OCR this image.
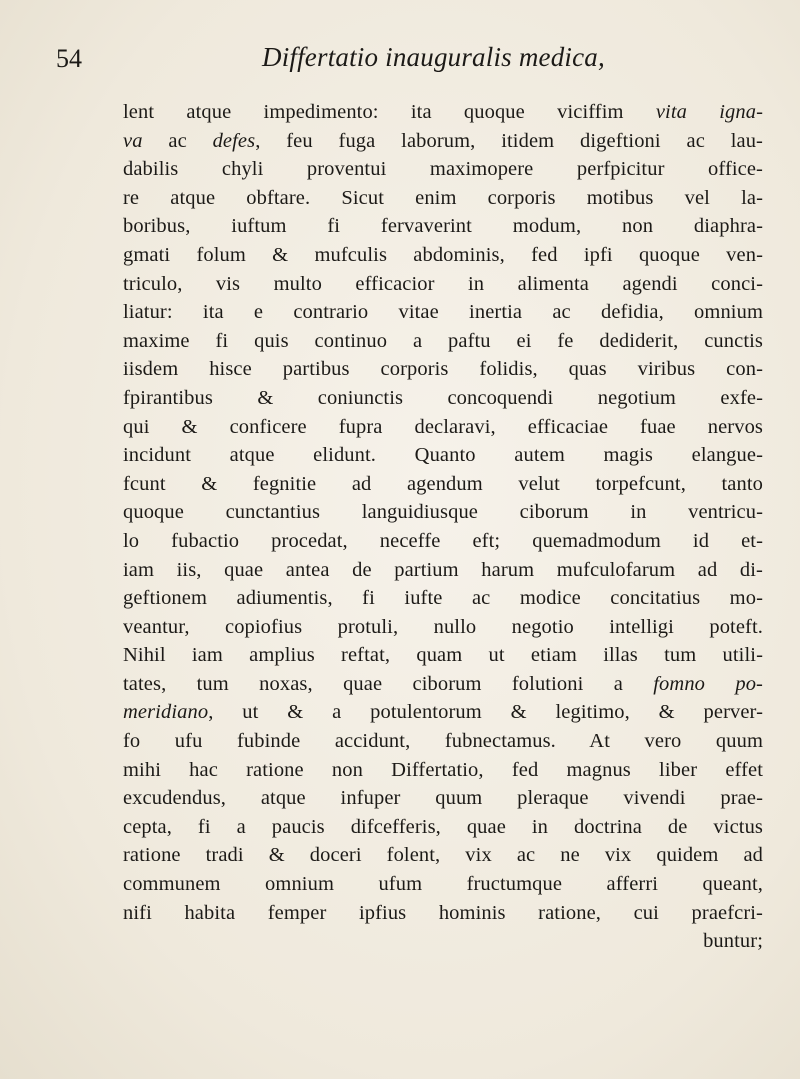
54	Differtatio inauguralis medica,
lent atque impedimento: ita quoque viciffim vita igna-
va ac defes, feu fuga laborum, itidem digeftioni ac lau-
dabilis chyli proventui maximopere perfpicitur office-
re atque obftare. Sicut enim corporis motibus vel la-
boribus, iuftum fi fervaverint modum, non diaphra-
gmati folum & mufculis abdominis, fed ipfi quoque ven-
triculo, vis multo efficacior in alimenta agendi conci-
liatur: ita e contrario vitae inertia ac defidia, omnium
maxime fi quis continuo a paftu ei fe dediderit, cunctis
iisdem hisce partibus corporis folidis, quas viribus con-
fpirantibus & coniunctis concoquendi negotium exfe-
qui & conficere fupra declaravi, efficaciae fuae nervos
incidunt atque elidunt. Quanto autem magis elangue-
fcunt & fegnitie ad agendum velut torpefcunt, tanto
quoque cunctantius languidiusque ciborum in ventricu-
lo fubactio procedat, neceffe eft; quemadmodum id et-
iam iis, quae antea de partium harum mufculofarum ad di-
geftionem adiumentis, fi iufte ac modice concitatius mo-
veantur, copiofius protuli, nullo negotio intelligi poteft.
Nihil iam amplius reftat, quam ut etiam illas tum utili-
tates, tum noxas, quae ciborum folutioni a fomno po-
meridiano, ut & a potulentorum & legitimo, & perver-
fo ufu fubinde accidunt, fubnectamus. At vero quum
mihi hac ratione non Differtatio, fed magnus liber effet
excudendus, atque infuper quum pleraque vivendi prae-
cepta, fi a paucis difcefferis, quae in doctrina de victus
ratione tradi & doceri folent, vix ac ne vix quidem ad
communem omnium ufum fructumque afferri queant,
nifi habita femper ipfius hominis ratione, cui praefcri-
buntur;
